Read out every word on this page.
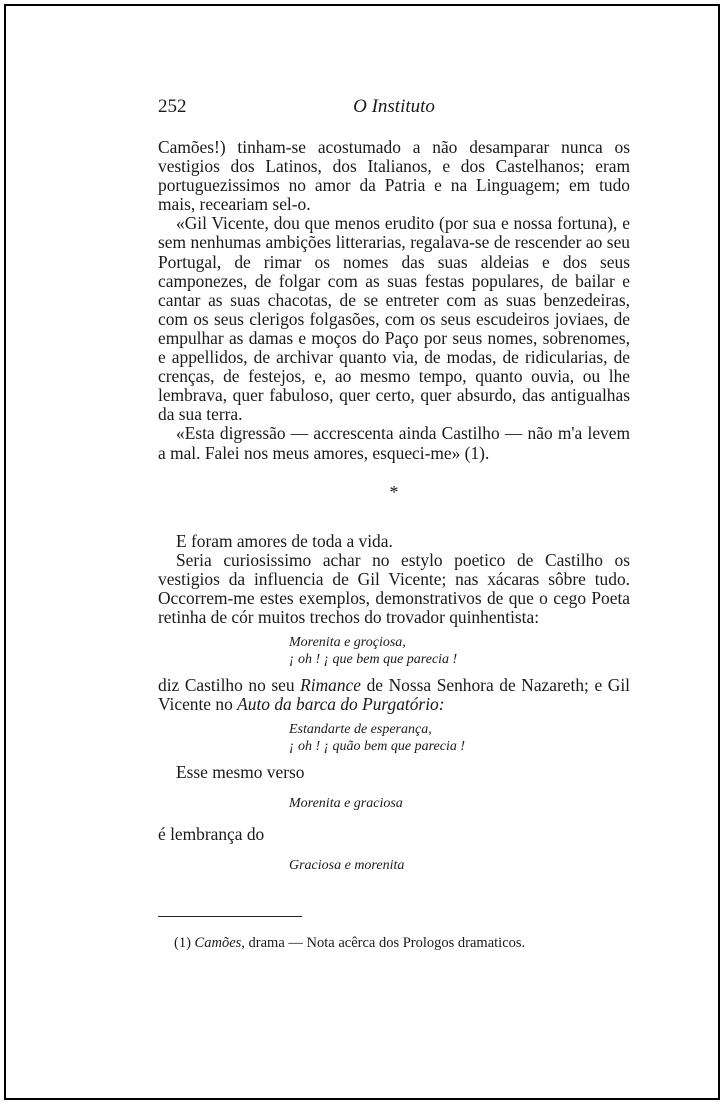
252	O Instituto

Camões!) tinham-se acostumado a não desamparar nunca os vestigios dos Latinos, dos Italianos, e dos Castelhanos; eram portuguezissimos no amor da Patria e na Linguagem; em tudo mais, receariam sel-o.

«Gil Vicente, dou que menos erudito (por sua e nossa fortuna), e sem nenhumas ambições litterarias, regalava-se de rescender ao seu Portugal, de rimar os nomes das suas aldeias e dos seus camponezes, de folgar com as suas festas populares, de bailar e cantar as suas chacotas, de se entreter com as suas benzedeiras, com os seus clerigos folgasões, com os seus escudeiros joviaes, de empulhar as damas e moços do Paço por seus nomes, sobrenomes, e appellidos, de archivar quanto via, de modas, de ridicularias, de crenças, de festejos, e, ao mesmo tempo, quanto ouvia, ou lhe lembrava, quer fabuloso, quer certo, quer absurdo, das antigualhas da sua terra.

«Esta digressão — accrescenta ainda Castilho — não m'a levem a mal. Falei nos meus amores, esqueci-me» (1).

*

E foram amores de toda a vida.

Seria curiosissimo achar no estylo poetico de Castilho os vestigios da influencia de Gil Vicente; nas xácaras sôbre tudo. Occorrem-me estes exemplos, demonstrativos de que o cego Poeta retinha de cór muitos trechos do trovador quinhentista:

Morenita e groçiosa,
¡ oh ! ¡ que bem que parecia !

diz Castilho no seu Rimance de Nossa Senhora de Nazareth; e Gil Vicente no Auto da barca do Purgatório:

Estandarte de esperança,
¡ oh ! ¡ quão bem que parecia !

Esse mesmo verso

Morenita e graciosa

é lembrança do

Graciosa e morenita
(1) Camões, drama — Nota acêrca dos Prologos dramaticos.
